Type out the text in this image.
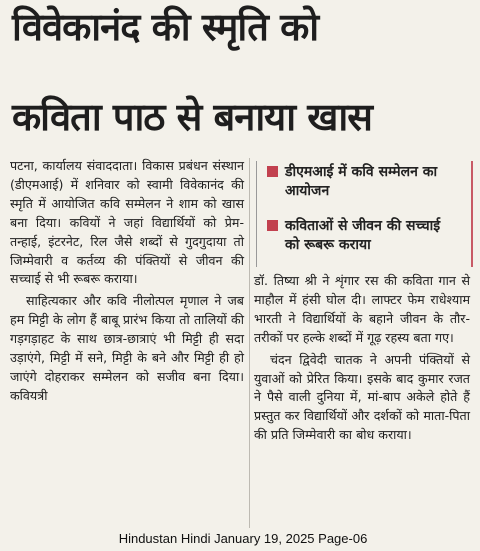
विवेकानंद की स्मृति को
कविता पाठ से बनाया खास

पटना, कार्यालय संवाददाता। विकास प्रबंधन संस्थान (डीएमआई) में शनिवार को स्वामी विवेकानंद की स्मृति में आयोजित कवि सम्मेलन ने शाम को खास बना दिया। कवियों ने जहां विद्यार्थियों को प्रेम-तन्हाई, इंटरनेट, रिल जैसे शब्दों से गुदगुदाया तो जिम्मेवारी व कर्तव्य की पंक्तियों से जीवन की सच्चाई से भी रूबरू कराया।

साहित्यकार और कवि नीलोत्पल मृणाल ने जब हम मिट्टी के लोग हैं बाबू प्रारंभ किया तो तालियों की गड़गड़ाहट के साथ छात्र-छात्राएं भी मिट्टी ही सदा उड़ाएंगे, मिट्टी में सने, मिट्टी के बने और मिट्टी ही हो जाएंगे दोहराकर सम्मेलन को सजीव बना दिया। कवियत्री

डीएमआई में कवि सम्मेलन का आयोजन
कविताओं से जीवन की सच्चाई को रूबरू कराया

डॉ. तिष्या श्री ने शृंगार रस की कविता गान से माहौल में हंसी घोल दी। लाफ्टर फेम राधेश्याम भारती ने विद्यार्थियों के बहाने जीवन के तौर-तरीकों पर हल्के शब्दों में गूढ़ रहस्य बता गए।

चंदन द्विवेदी चातक ने अपनी पंक्तियों से युवाओं को प्रेरित किया। इसके बाद कुमार रजत ने पैसे वाली दुनिया में, मां-बाप अकेले होते हैं प्रस्तुत कर विद्यार्थियों और दर्शकों को माता-पिता की प्रति जिम्मेवारी का बोध कराया।

Hindustan Hindi January 19, 2025 Page-06
